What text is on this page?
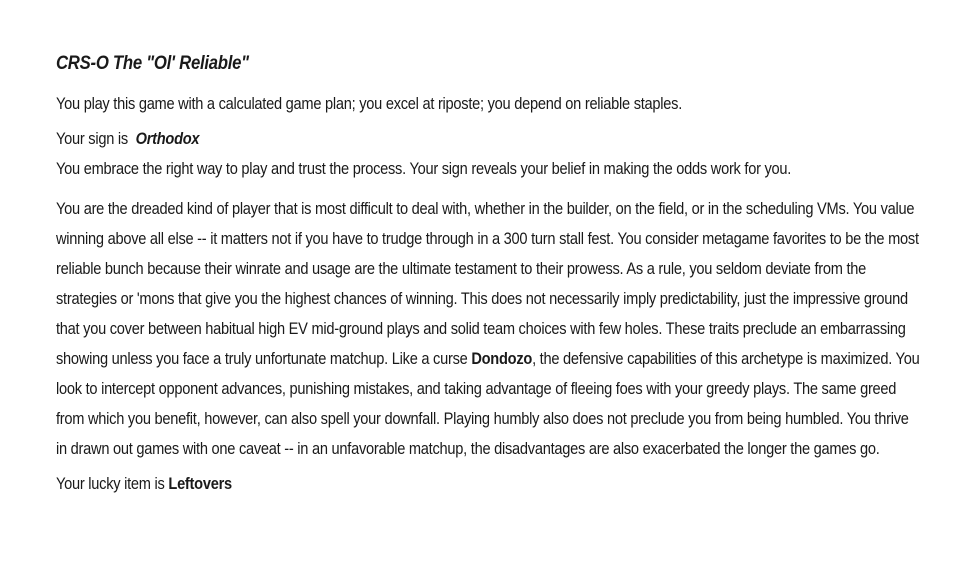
CRS-O The "Ol' Reliable"

You play this game with a calculated game plan; you excel at riposte; you depend on reliable staples.

Your sign is Orthodox

You embrace the right way to play and trust the process. Your sign reveals your belief in making the odds work for you.

You are the dreaded kind of player that is most difficult to deal with, whether in the builder, on the field, or in the scheduling VMs. You value winning above all else -- it matters not if you have to trudge through in a 300 turn stall fest. You consider metagame favorites to be the most reliable bunch because their winrate and usage are the ultimate testament to their prowess. As a rule, you seldom deviate from the strategies or 'mons that give you the highest chances of winning. This does not necessarily imply predictability, just the impressive ground that you cover between habitual high EV mid-ground plays and solid team choices with few holes. These traits preclude an embarrassing showing unless you face a truly unfortunate matchup. Like a curse Dondozo, the defensive capabilities of this archetype is maximized. You look to intercept opponent advances, punishing mistakes, and taking advantage of fleeing foes with your greedy plays. The same greed from which you benefit, however, can also spell your downfall. Playing humbly also does not preclude you from being humbled. You thrive in drawn out games with one caveat -- in an unfavorable matchup, the disadvantages are also exacerbated the longer the games go.

Your lucky item is Leftovers
